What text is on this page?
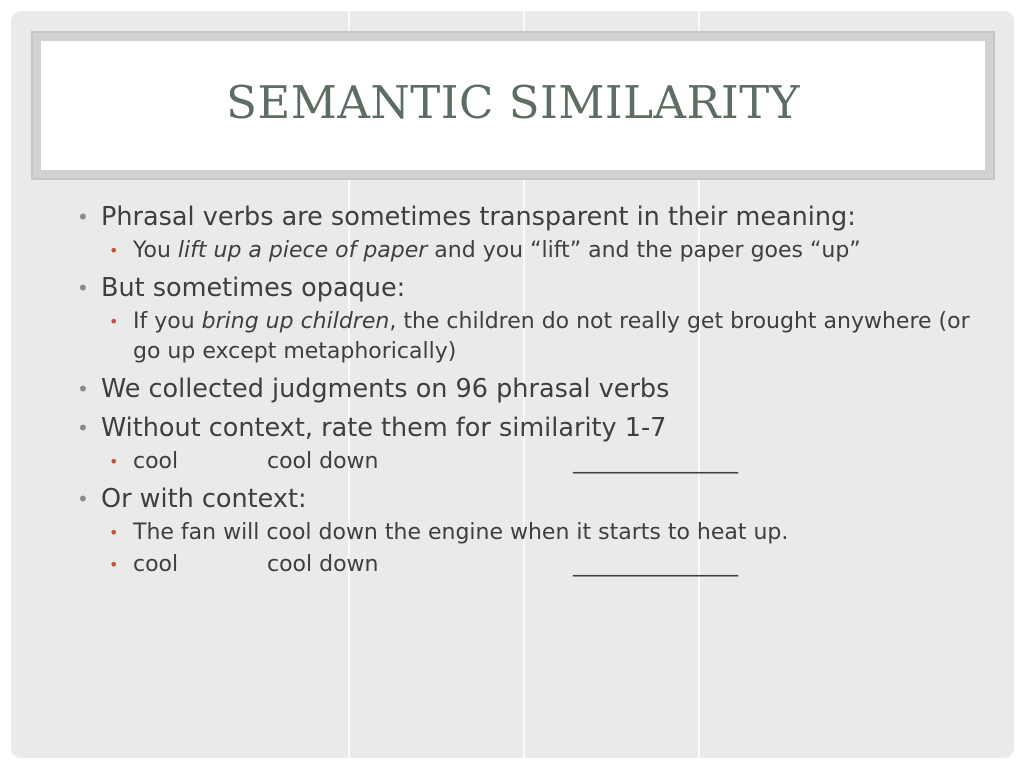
SEMANTIC SIMILARITY
• Phrasal verbs are sometimes transparent in their meaning:
• You lift up a piece of paper and you “lift” and the paper goes “up”
• But sometimes opaque:
• If you bring up children, the children do not really get brought anywhere (or go up except metaphorically)
• We collected judgments on 96 phrasal verbs
• Without context, rate them for similarity 1-7
• cool	cool down	_______________
• Or with context:
• The fan will cool down the engine when it starts to heat up.
• cool	cool down	_______________
